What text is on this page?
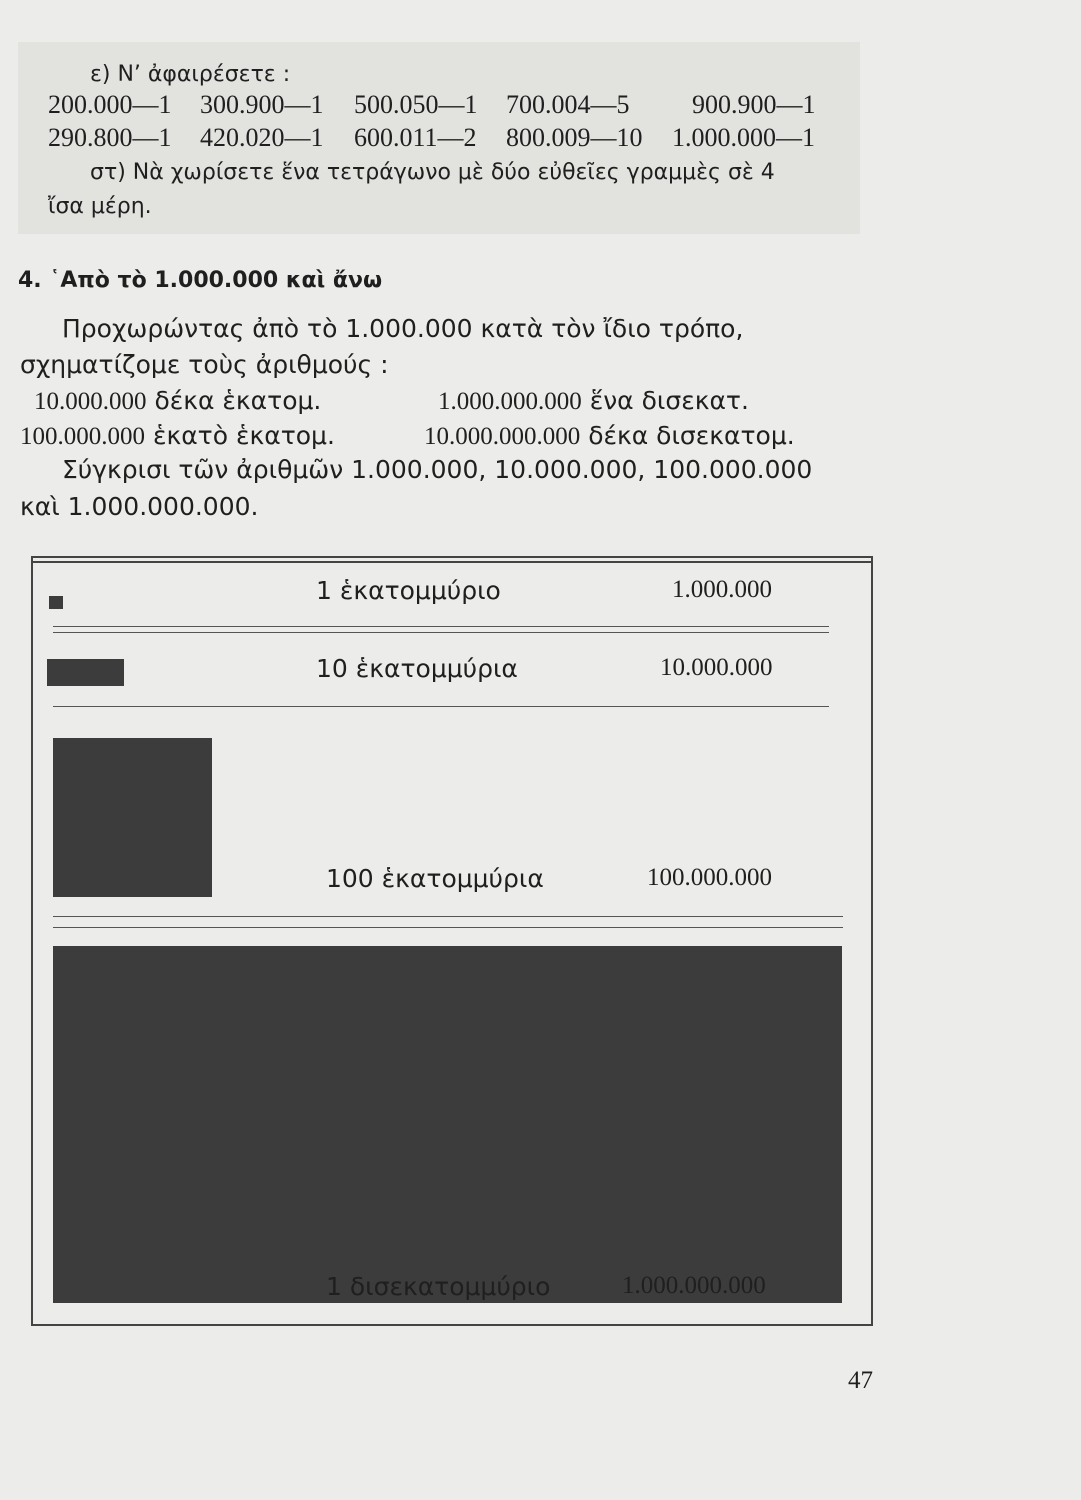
ε) Ν’ ἀφαιρέσετε :
200.000—1 300.900—1 500.050—1 700.004—5 900.900—1
290.800—1 420.020—1 600.011—2 800.009—10 1.000.000—1
στ) Νὰ χωρίσετε ἕνα τετράγωνο μὲ δύο εὐθεῖες γραμμὲς σὲ 4
ἴσα μέρη.
4. ῾Απὸ τὸ 1.000.000 καὶ ἄνω
Προχωρώντας ἀπὸ τὸ 1.000.000 κατὰ τὸν ἴδιο τρόπο,
σχηματίζομε τοὺς ἀριθμούς :
10.000.000 δέκα ἑκατομ.	1.000.000.000 ἕνα δισεκατ.
100.000.000 ἑκατὸ ἑκατομ.	10.000.000.000 δέκα δισεκατομ.
Σύγκρισι τῶν ἀριθμῶν 1.000.000, 10.000.000, 100.000.000
καὶ 1.000.000.000.
1 ἑκατομμύριο	1.000.000
10 ἑκατομμύρια	10.000.000
100 ἑκατομμύρια	100.000.000
1 δισεκατομμύριο	1.000.000.000
47
